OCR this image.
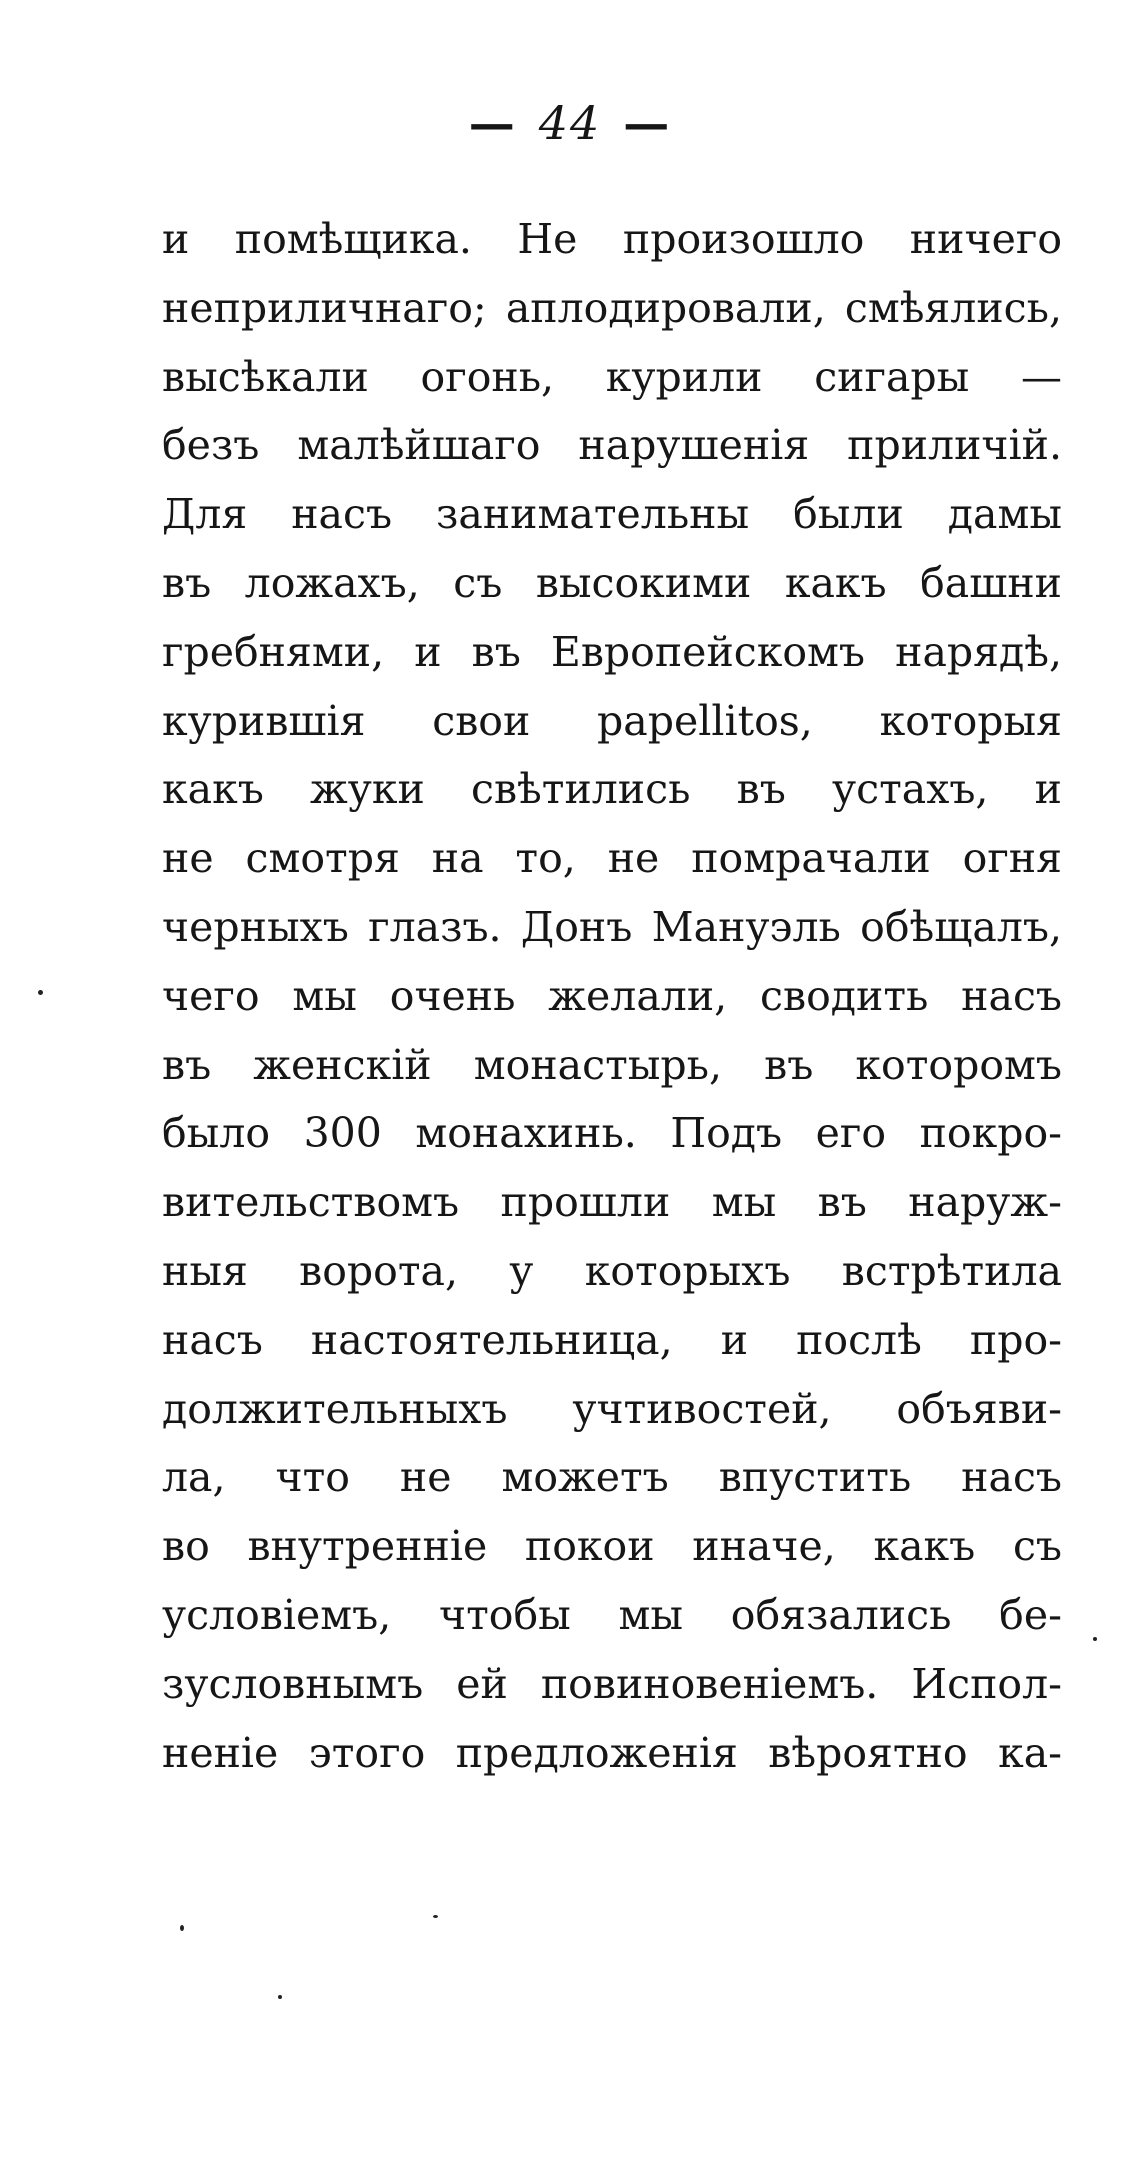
— 44 —
и помѣщика. Не произошло ничего
неприличнаго; аплодировали, смѣялись,
высѣкали огонь, курили сигары —
безъ малѣйшаго нарушенія приличій.
Для насъ занимательны были дамы
въ ложахъ, съ высокими какъ башни
гребнями, и въ Европейскомъ нарядѣ,
курившія свои papellitos, которыя
какъ жуки свѣтились въ устахъ, и
не смотря на то, не помрачали огня
черныхъ глазъ. Донъ Мануэль обѣщалъ,
чего мы очень желали, сводить насъ
въ женскій монастырь, въ которомъ
было 300 монахинь. Подъ его покро-
вительствомъ прошли мы въ наруж-
ныя ворота, у которыхъ встрѣтила
насъ настоятельница, и послѣ про-
должительныхъ учтивостей, объяви-
ла, что не можетъ впустить насъ
во внутренніе покои иначе, какъ съ
условіемъ, чтобы мы обязались бе-
зусловнымъ ей повиновеніемъ. Испол-
неніе этого предложенія вѣроятно ка-
